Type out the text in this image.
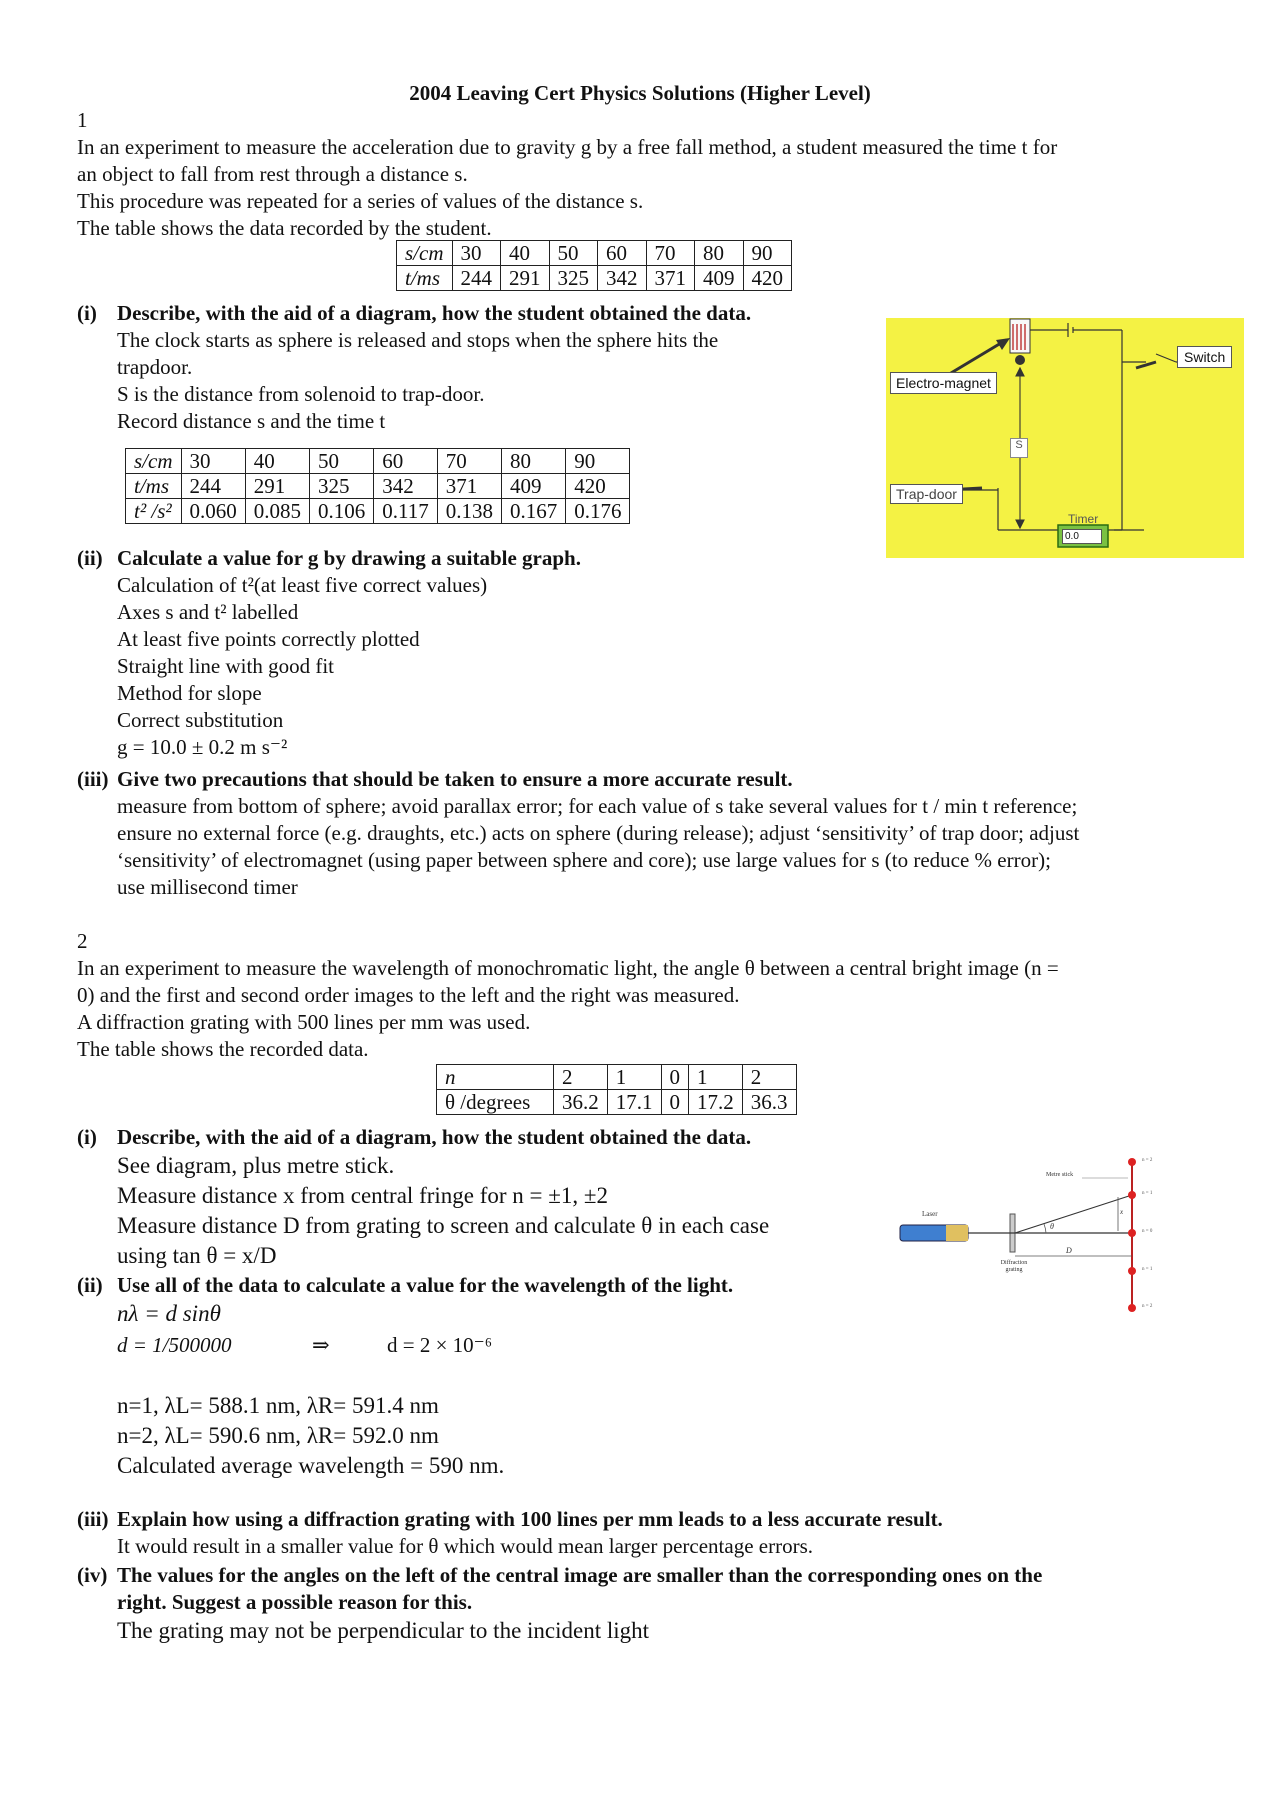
2004 Leaving Cert Physics Solutions (Higher Level)
1
In an experiment to measure the acceleration due to gravity g by a free fall method, a student measured the time t for
an object to fall from rest through a distance s.
This procedure was repeated for a series of values of the distance s.
The table shows the data recorded by the student.
s/cm	30	40	50	60	70	80	90
t/ms	244	291	325	342	371	409	420
(i) Describe, with the aid of a diagram, how the student obtained the data.
The clock starts as sphere is released and stops when the sphere hits the
trapdoor.
S is the distance from solenoid to trap-door.
Record distance s and the time t
s/cm	30	40	50	60	70	80	90
t/ms	244	291	325	342	371	409	420
t² /s²	0.060	0.085	0.106	0.117	0.138	0.167	0.176
(ii) Calculate a value for g by drawing a suitable graph.
Calculation of t²(at least five correct values)
Axes s and t² labelled
At least five points correctly plotted
Straight line with good fit
Method for slope
Correct substitution
g = 10.0 ± 0.2 m s⁻²
(iii) Give two precautions that should be taken to ensure a more accurate result.
measure from bottom of sphere; avoid parallax error; for each value of s take several values for t / min t reference;
ensure no external force (e.g. draughts, etc.) acts on sphere (during release); adjust ‘sensitivity’ of trap door; adjust
‘sensitivity’ of electromagnet (using paper between sphere and core); use large values for s (to reduce % error);
use millisecond timer
Electro-magnet
Switch
S
Trap-door
Timer
0.0
2
In an experiment to measure the wavelength of monochromatic light, the angle θ between a central bright image (n =
0) and the first and second order images to the left and the right was measured.
A diffraction grating with 500 lines per mm was used.
The table shows the recorded data.
n	2	1	0	1	2
θ /degrees	36.2	17.1	0	17.2	36.3
(i) Describe, with the aid of a diagram, how the student obtained the data.
See diagram, plus metre stick.
Measure distance x from central fringe for n = ±1, ±2
Measure distance D from grating to screen and calculate θ in each case
using tan θ = x/D
(ii) Use all of the data to calculate a value for the wavelength of the light.
nλ = d sinθ
d = 1/500000	⇒	d = 2 × 10⁻⁶
n=1, λL= 588.1 nm, λR= 591.4 nm
n=2, λL= 590.6 nm, λR= 592.0 nm
Calculated average wavelength = 590 nm.
(iii) Explain how using a diffraction grating with 100 lines per mm leads to a less accurate result.
It would result in a smaller value for θ which would mean larger percentage errors.
(iv) The values for the angles on the left of the central image are smaller than the corresponding ones on the
right. Suggest a possible reason for this.
The grating may not be perpendicular to the incident light
Laser
Metre stick
Diffraction grating
θ
D
x
n = 2
n = 1
n = 0
n = 1
n = 2
